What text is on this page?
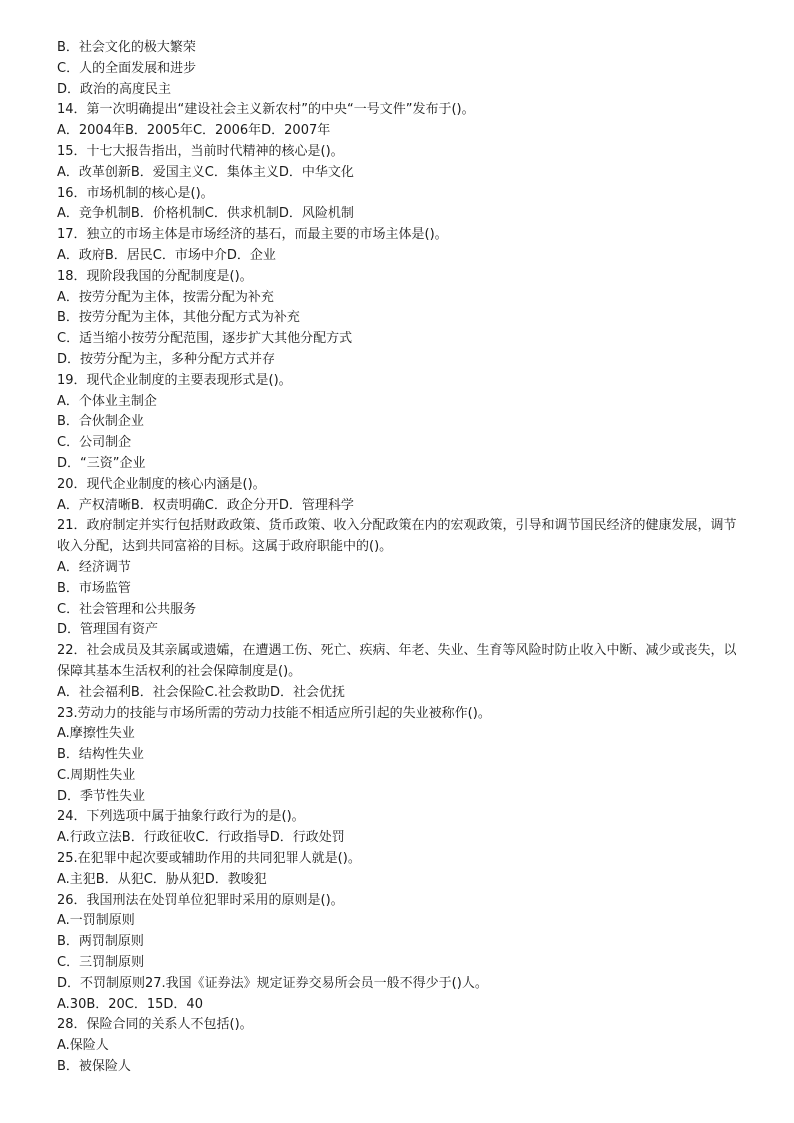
B．社会文化的极大繁荣
C．人的全面发展和进步
D．政治的高度民主
14．第一次明确提出“建设社会主义新农村”的中央“一号文件”发布于()。
A．2004年B．2005年C．2006年D．2007年
15．十七大报告指出，当前时代精神的核心是()。
A．改革创新B．爱国主义C．集体主义D．中华文化
16．市场机制的核心是()。
A．竞争机制B．价格机制C．供求机制D．风险机制
17．独立的市场主体是市场经济的基石，而最主要的市场主体是()。
A．政府B．居民C．市场中介D．企业
18．现阶段我国的分配制度是()。
A．按劳分配为主体，按需分配为补充
B．按劳分配为主体，其他分配方式为补充
C．适当缩小按劳分配范围，逐步扩大其他分配方式
D．按劳分配为主，多种分配方式并存
19．现代企业制度的主要表现形式是()。
A．个体业主制企
B．合伙制企业
C．公司制企
D．“三资”企业
20．现代企业制度的核心内涵是()。
A．产权清晰B．权责明确C．政企分开D．管理科学
21．政府制定并实行包括财政政策、货币政策、收入分配政策在内的宏观政策，引导和调节国民经济的健康发展，调节收入分配，达到共同富裕的目标。这属于政府职能中的()。
A．经济调节
B．市场监管
C．社会管理和公共服务
D．管理国有资产
22．社会成员及其亲属或遗孀，在遭遇工伤、死亡、疾病、年老、失业、生育等风险时防止收入中断、减少或丧失，以保障其基本生活权利的社会保障制度是()。
A．社会福利B．社会保险C.社会救助D．社会优抚
23.劳动力的技能与市场所需的劳动力技能不相适应所引起的失业被称作()。
A.摩擦性失业
B．结构性失业
C.周期性失业
D．季节性失业
24．下列选项中属于抽象行政行为的是()。
A.行政立法B．行政征收C．行政指导D．行政处罚
25.在犯罪中起次要或辅助作用的共同犯罪人就是()。
A.主犯B．从犯C．胁从犯D．教唆犯
26．我国刑法在处罚单位犯罪时采用的原则是()。
A.一罚制原则
B．两罚制原则
C．三罚制原则
D．不罚制原则27.我国《证券法》规定证券交易所会员一般不得少于()人。
A.30B．20C．15D．40
28．保险合同的关系人不包括()。
A.保险人
B．被保险人
